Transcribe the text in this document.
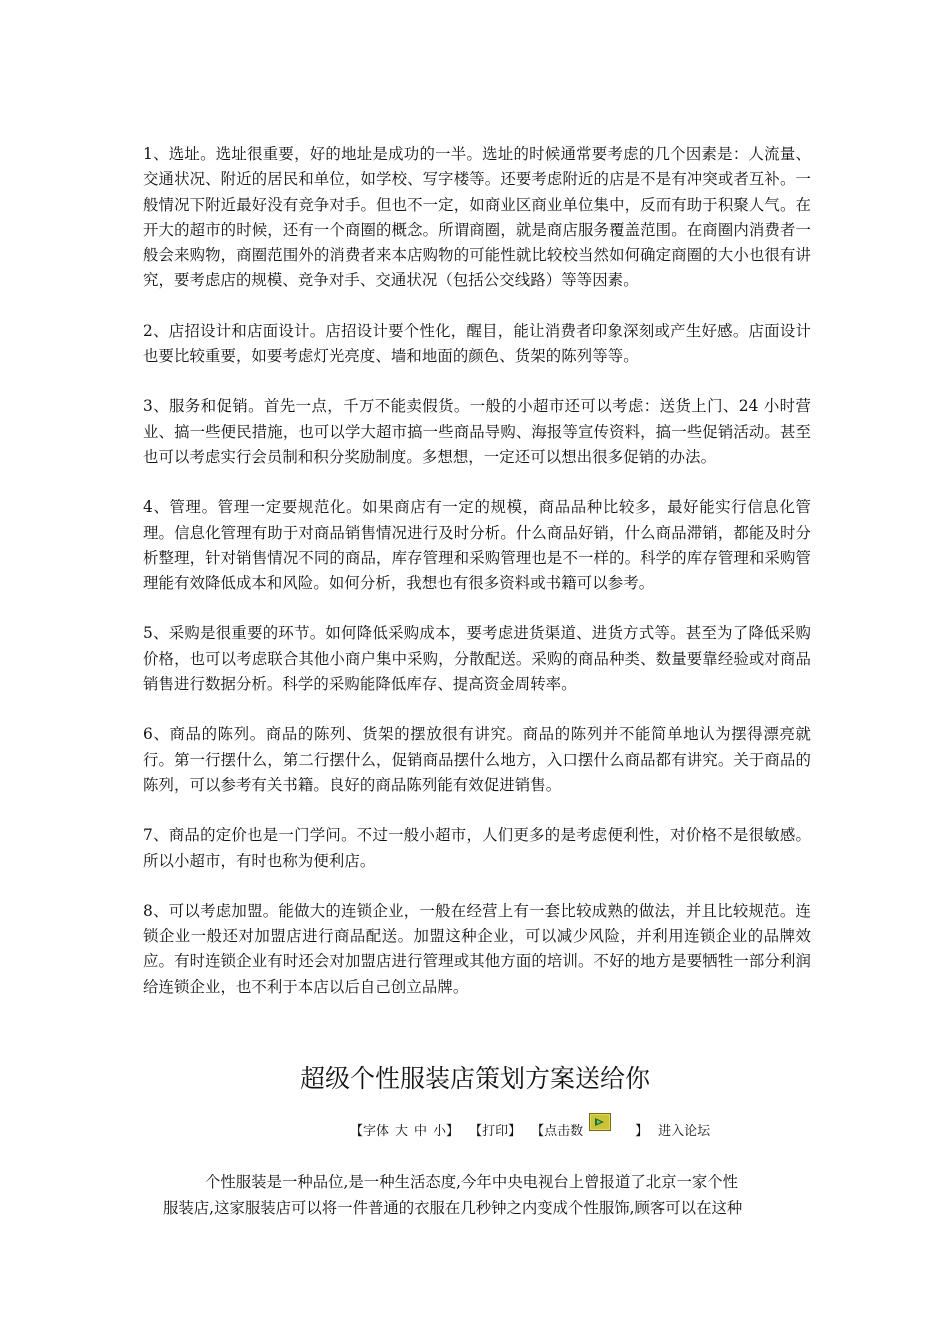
1、选址。选址很重要，好的地址是成功的一半。选址的时候通常要考虑的几个因素是：人流量、交通状况、附近的居民和单位，如学校、写字楼等。还要考虑附近的店是不是有冲突或者互补。一般情况下附近最好没有竞争对手。但也不一定，如商业区商业单位集中，反而有助于积聚人气。在开大的超市的时候，还有一个商圈的概念。所谓商圈，就是商店服务覆盖范围。在商圈内消费者一般会来购物，商圈范围外的消费者来本店购物的可能性就比较校当然如何确定商圈的大小也很有讲究，要考虑店的规模、竞争对手、交通状况（包括公交线路）等等因素。

2、店招设计和店面设计。店招设计要个性化，醒目，能让消费者印象深刻或产生好感。店面设计也要比较重要，如要考虑灯光亮度、墙和地面的颜色、货架的陈列等等。

3、服务和促销。首先一点，千万不能卖假货。一般的小超市还可以考虑：送货上门、24 小时营业、搞一些便民措施，也可以学大超市搞一些商品导购、海报等宣传资料，搞一些促销活动。甚至也可以考虑实行会员制和积分奖励制度。多想想，一定还可以想出很多促销的办法。

4、管理。管理一定要规范化。如果商店有一定的规模，商品品种比较多，最好能实行信息化管理。信息化管理有助于对商品销售情况进行及时分析。什么商品好销，什么商品滞销，都能及时分析整理，针对销售情况不同的商品，库存管理和采购管理也是不一样的。科学的库存管理和采购管理能有效降低成本和风险。如何分析，我想也有很多资料或书籍可以参考。

5、采购是很重要的环节。如何降低采购成本，要考虑进货渠道、进货方式等。甚至为了降低采购价格，也可以考虑联合其他小商户集中采购，分散配送。采购的商品种类、数量要靠经验或对商品销售进行数据分析。科学的采购能降低库存、提高资金周转率。

6、商品的陈列。商品的陈列、货架的摆放很有讲究。商品的陈列并不能简单地认为摆得漂亮就行。第一行摆什么，第二行摆什么，促销商品摆什么地方，入口摆什么商品都有讲究。关于商品的陈列，可以参考有关书籍。良好的商品陈列能有效促进销售。

7、商品的定价也是一门学问。不过一般小超市，人们更多的是考虑便利性，对价格不是很敏感。所以小超市，有时也称为便利店。

8、可以考虑加盟。能做大的连锁企业，一般在经营上有一套比较成熟的做法，并且比较规范。连锁企业一般还对加盟店进行商品配送。加盟这种企业，可以减少风险，并利用连锁企业的品牌效应。有时连锁企业有时还会对加盟店进行管理或其他方面的培训。不好的地方是要牺牲一部分利润给连锁企业，也不利于本店以后自己创立品牌。

超级个性服装店策划方案送给你
【字体 大 中 小】 【打印】 【点击数	】 进入论坛

个性服装是一种品位,是一种生活态度,今年中央电视台上曾报道了北京一家个性

服装店,这家服装店可以将一件普通的衣服在几秒钟之内变成个性服饰,顾客可以在这种
